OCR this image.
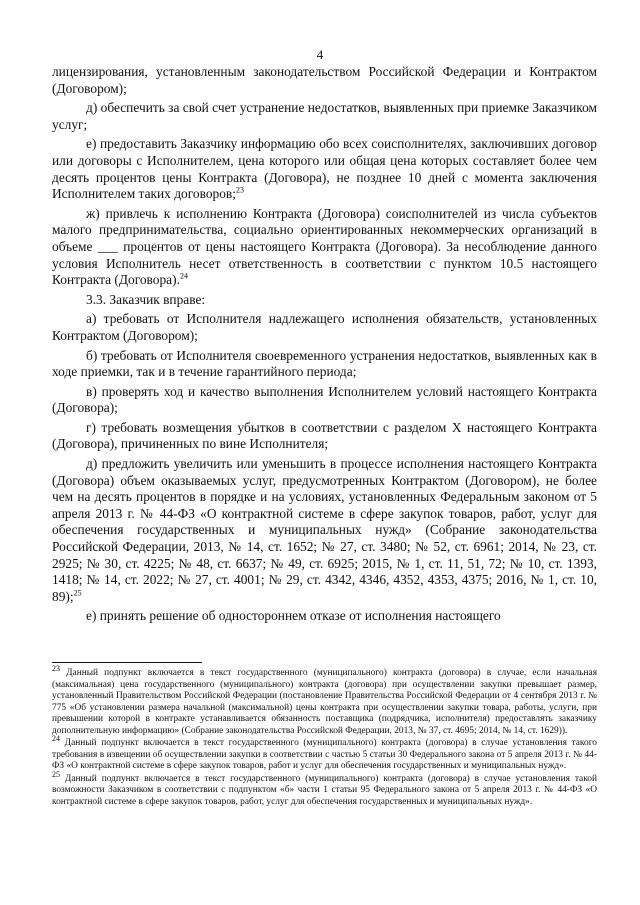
4

лицензирования, установленным законодательством Российской Федерации и Контрактом (Договором);

д) обеспечить за свой счет устранение недостатков, выявленных при приемке Заказчиком услуг;

е) предоставить Заказчику информацию обо всех соисполнителях, заключивших договор или договоры с Исполнителем, цена которого или общая цена которых составляет более чем десять процентов цены Контракта (Договора), не позднее 10 дней с момента заключения Исполнителем таких договоров;$^{23}$

ж) привлечь к исполнению Контракта (Договора) соисполнителей из числа субъектов малого предпринимательства, социально ориентированных некоммерческих организаций в объеме ___ процентов от цены настоящего Контракта (Договора). За несоблюдение данного условия Исполнитель несет ответственность в соответствии с пунктом 10.5 настоящего Контракта (Договора).$^{24}$

3.3. Заказчик вправе:

а) требовать от Исполнителя надлежащего исполнения обязательств, установленных Контрактом (Договором);

б) требовать от Исполнителя своевременного устранения недостатков, выявленных как в ходе приемки, так и в течение гарантийного периода;

в) проверять ход и качество выполнения Исполнителем условий настоящего Контракта (Договора);

г) требовать возмещения убытков в соответствии с разделом X настоящего Контракта (Договора), причиненных по вине Исполнителя;

д) предложить увеличить или уменьшить в процессе исполнения настоящего Контракта (Договора) объем оказываемых услуг, предусмотренных Контрактом (Договором), не более чем на десять процентов в порядке и на условиях, установленных Федеральным законом от 5 апреля 2013 г. № 44-ФЗ «О контрактной системе в сфере закупок товаров, работ, услуг для обеспечения государственных и муниципальных нужд» (Собрание законодательства Российской Федерации, 2013, № 14, ст. 1652; № 27, ст. 3480; № 52, ст. 6961; 2014, № 23, ст. 2925; № 30, ст. 4225; № 48, ст. 6637; № 49, ст. 6925; 2015, № 1, ст. 11, 51, 72; № 10, ст. 1393, 1418; № 14, ст. 2022; № 27, ст. 4001; № 29, ст. 4342, 4346, 4352, 4353, 4375; 2016, № 1, ст. 10, 89);$^{25}$

е) принять решение об одностороннем отказе от исполнения настоящего

$^{23}$ Данный подпункт включается в текст государственного (муниципального) контракта (договора) в случае, если начальная (максимальная) цена государственного (муниципального) контракта (договора) при осуществлении закупки превышает размер, установленный Правительством Российской Федерации (постановление Правительства Российской Федерации от 4 сентября 2013 г. № 775 «Об установлении размера начальной (максимальной) цены контракта при осуществлении закупки товара, работы, услуги, при превышении которой в контракте устанавливается обязанность поставщика (подрядчика, исполнителя) предоставлять заказчику дополнительную информацию» (Собрание законодательства Российской Федерации, 2013, № 37, ст. 4695; 2014, № 14, ст. 1629)).

$^{24}$ Данный подпункт включается в текст государственного (муниципального) контракта (договора) в случае установления такого требования в извещении об осуществлении закупки в соответствии с частью 5 статьи 30 Федерального закона от 5 апреля 2013 г. № 44-ФЗ «О контрактной системе в сфере закупок товаров, работ и услуг для обеспечения государственных и муниципальных нужд».

$^{25}$ Данный подпункт включается в текст государственного (муниципального) контракта (договора) в случае установления такой возможности Заказчиком в соответствии с подпунктом «б» части 1 статьи 95 Федерального закона от 5 апреля 2013 г. № 44-ФЗ «О контрактной системе в сфере закупок товаров, работ, услуг для обеспечения государственных и муниципальных нужд».
